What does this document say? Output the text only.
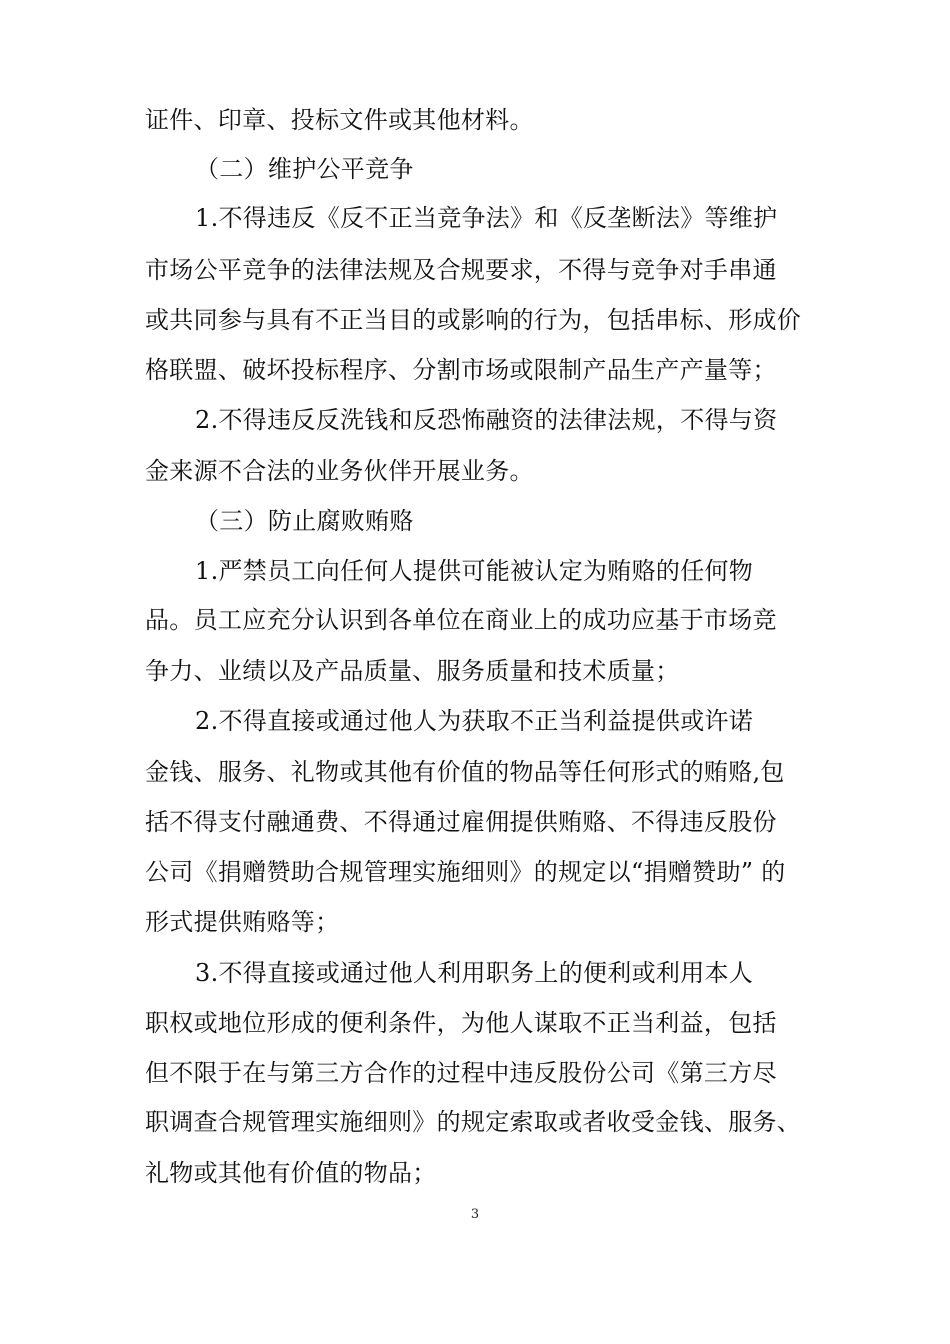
证件、印章、投标文件或其他材料。
（二）维护公平竞争
1.不得违反《反不正当竞争法》和《反垄断法》等维护
市场公平竞争的法律法规及合规要求，不得与竞争对手串通
或共同参与具有不正当目的或影响的行为，包括串标、形成价
格联盟、破坏投标程序、分割市场或限制产品生产产量等；
2.不得违反反洗钱和反恐怖融资的法律法规，不得与资
金来源不合法的业务伙伴开展业务。
（三）防止腐败贿赂
1.严禁员工向任何人提供可能被认定为贿赂的任何物
品。员工应充分认识到各单位在商业上的成功应基于市场竞
争力、业绩以及产品质量、服务质量和技术质量；
2.不得直接或通过他人为获取不正当利益提供或许诺
金钱、服务、礼物或其他有价值的物品等任何形式的贿赂,包
括不得支付融通费、不得通过雇佣提供贿赂、不得违反股份
公司《捐赠赞助合规管理实施细则》的规定以“捐赠赞助” 的
形式提供贿赂等；
3.不得直接或通过他人利用职务上的便利或利用本人
职权或地位形成的便利条件，为他人谋取不正当利益，包括
但不限于在与第三方合作的过程中违反股份公司《第三方尽
职调查合规管理实施细则》的规定索取或者收受金钱、服务、
礼物或其他有价值的物品；
3
